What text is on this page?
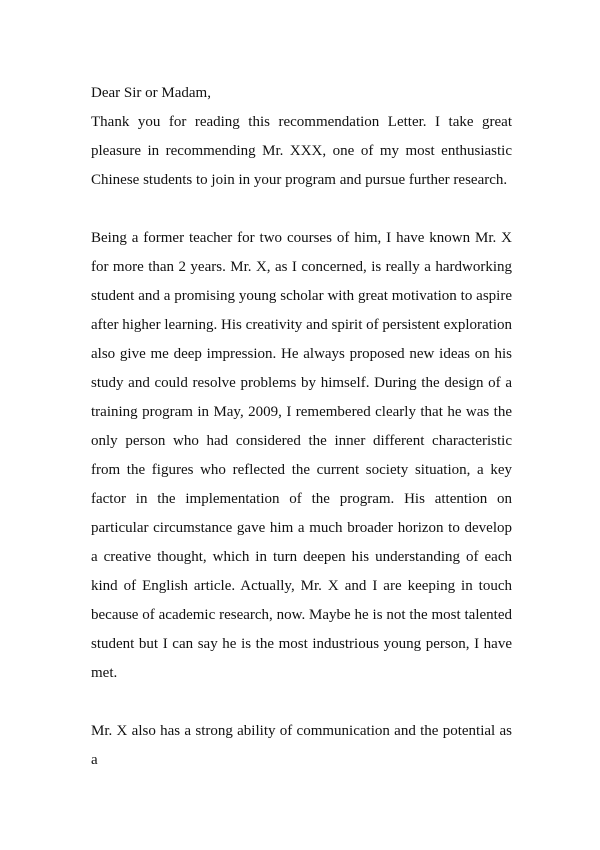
Dear Sir or Madam,

Thank you for reading this recommendation Letter. I take great pleasure in recommending Mr. XXX, one of my most enthusiastic Chinese students to join in your program and pursue further research.

Being a former teacher for two courses of him, I have known Mr. X for more than 2 years. Mr. X, as I concerned, is really a hardworking student and a promising young scholar with great motivation to aspire after higher learning. His creativity and spirit of persistent exploration also give me deep impression. He always proposed new ideas on his study and could resolve problems by himself. During the design of a training program in May, 2009, I remembered clearly that he was the only person who had considered the inner different characteristic from the figures who reflected the current society situation, a key factor in the implementation of the program. His attention on particular circumstance gave him a much broader horizon to develop a creative thought, which in turn deepen his understanding of each kind of English article. Actually, Mr. X and I are keeping in touch because of academic research, now. Maybe he is not the most talented student but I can say he is the most industrious young person, I have met.

Mr. X also has a strong ability of communication and the potential as a
